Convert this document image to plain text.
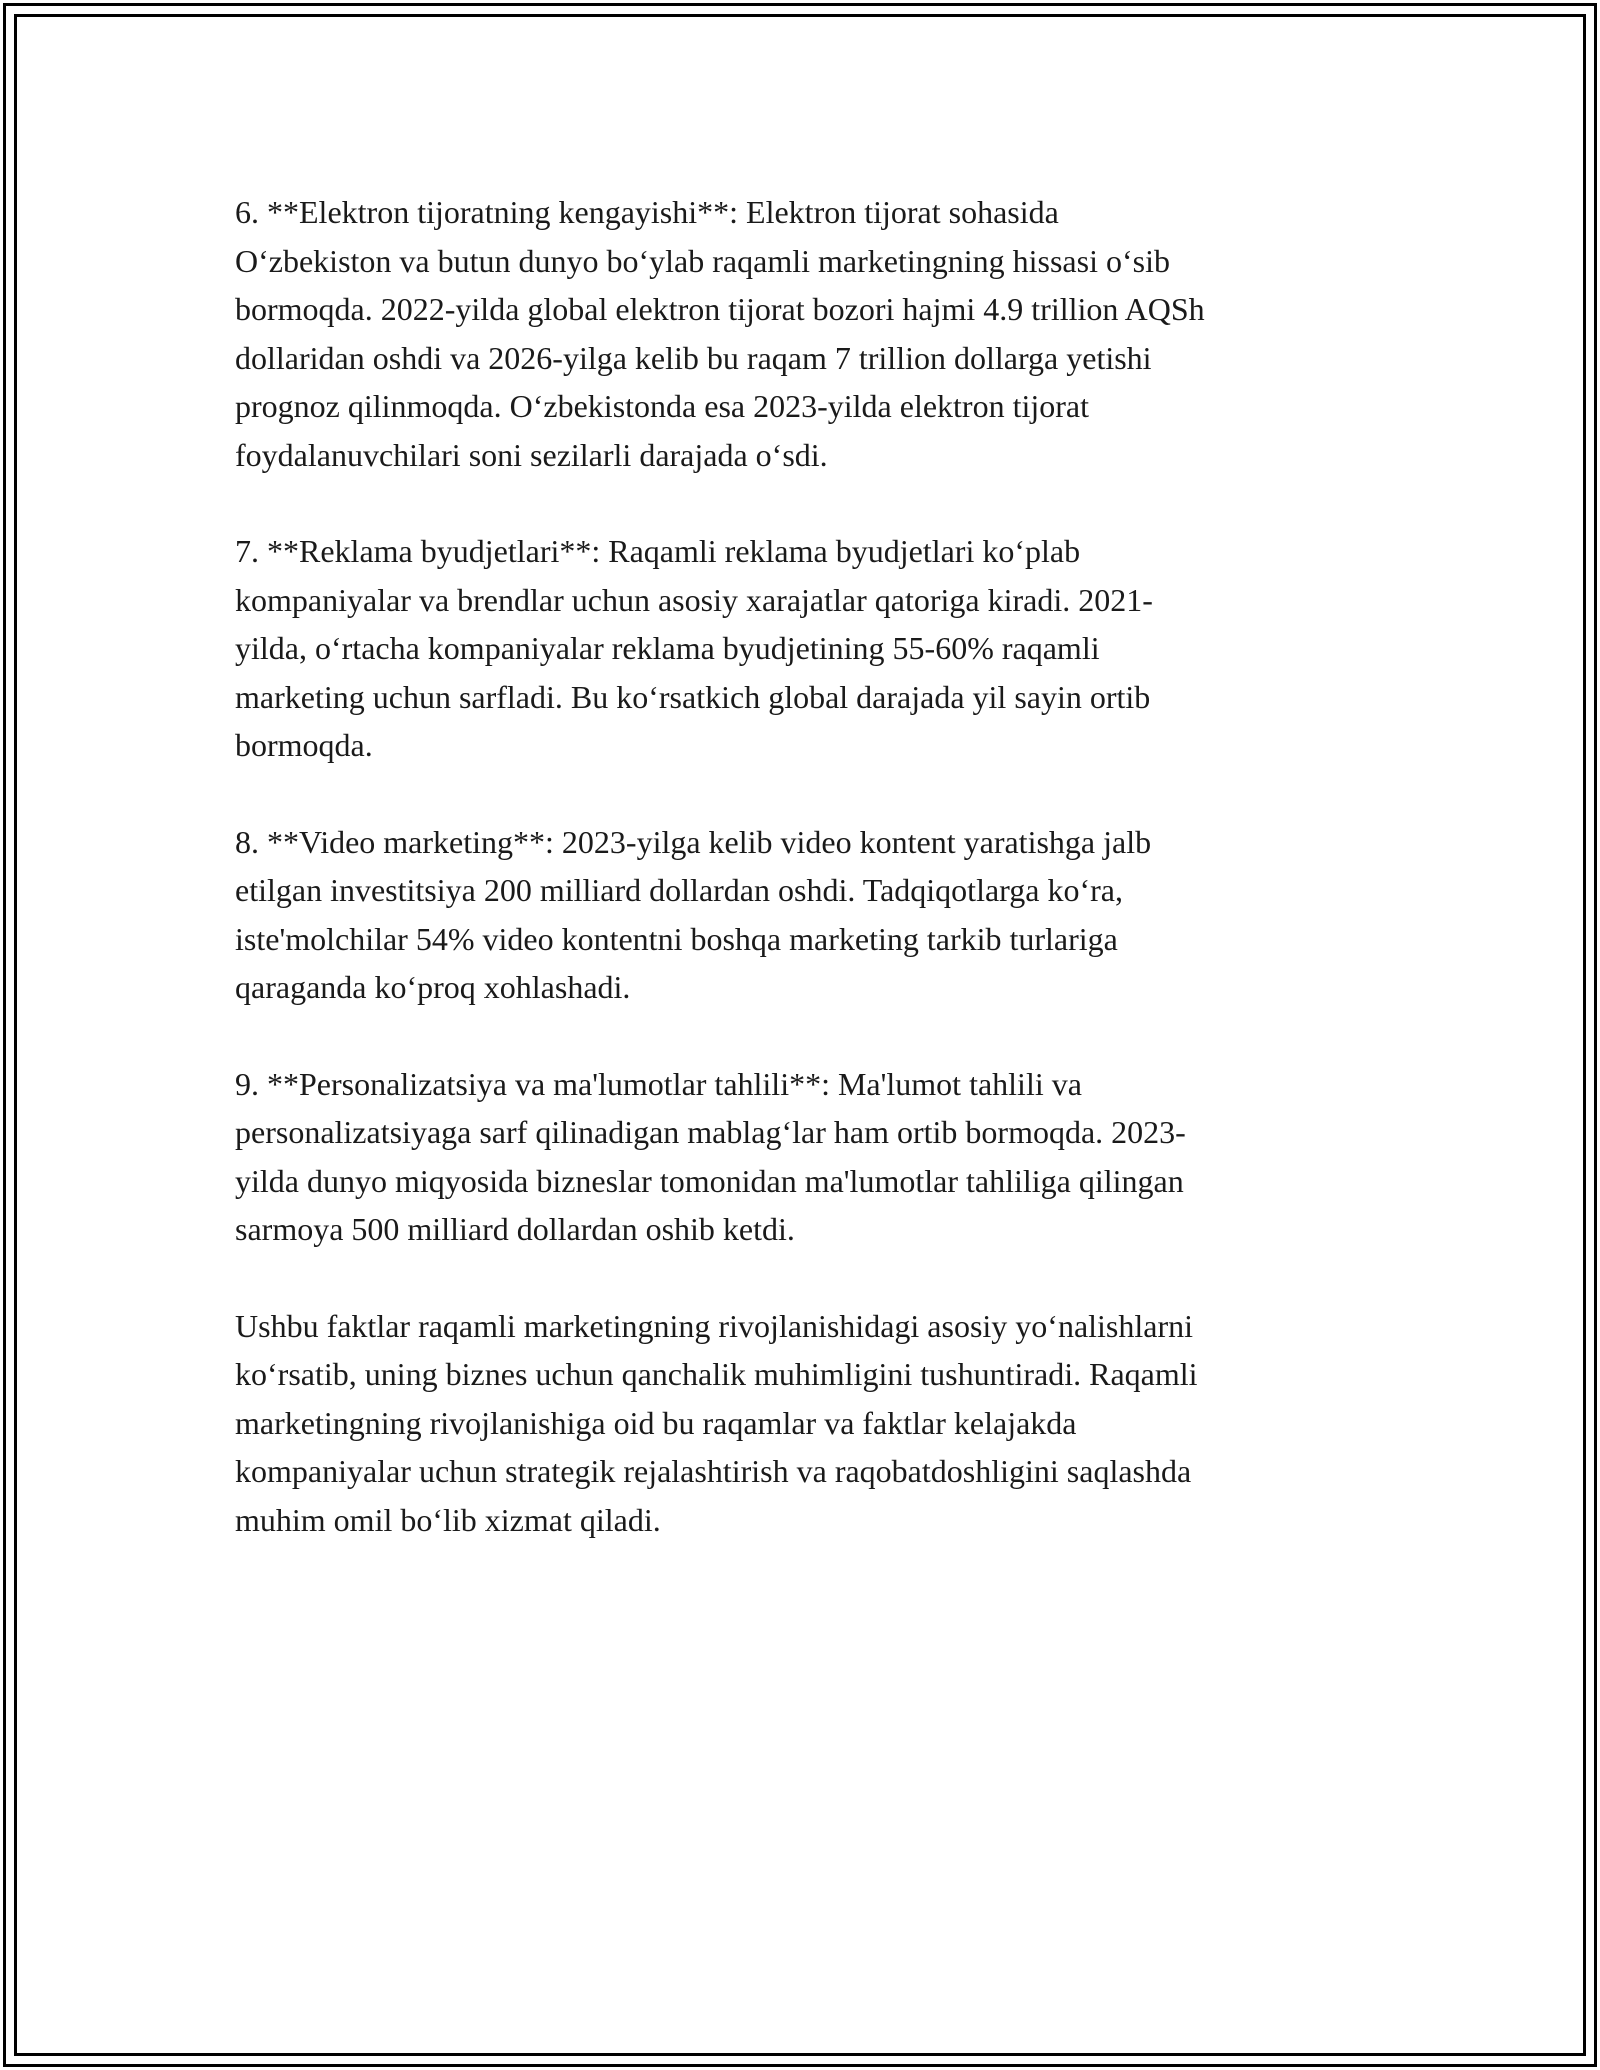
6. **Elektron tijoratning kengayishi**: Elektron tijorat sohasida
O‘zbekiston va butun dunyo bo‘ylab raqamli marketingning hissasi o‘sib
bormoqda. 2022-yilda global elektron tijorat bozori hajmi 4.9 trillion AQSh
dollaridan oshdi va 2026-yilga kelib bu raqam 7 trillion dollarga yetishi
prognoz qilinmoqda. O‘zbekistonda esa 2023-yilda elektron tijorat
foydalanuvchilari soni sezilarli darajada o‘sdi.

7. **Reklama byudjetlari**: Raqamli reklama byudjetlari ko‘plab
kompaniyalar va brendlar uchun asosiy xarajatlar qatoriga kiradi. 2021-
yilda, o‘rtacha kompaniyalar reklama byudjetining 55-60% raqamli
marketing uchun sarfladi. Bu ko‘rsatkich global darajada yil sayin ortib
bormoqda.

8. **Video marketing**: 2023-yilga kelib video kontent yaratishga jalb
etilgan investitsiya 200 milliard dollardan oshdi. Tadqiqotlarga ko‘ra,
iste'molchilar 54% video kontentni boshqa marketing tarkib turlariga
qaraganda ko‘proq xohlashadi.

9. **Personalizatsiya va ma'lumotlar tahlili**: Ma'lumot tahlili va
personalizatsiyaga sarf qilinadigan mablag‘lar ham ortib bormoqda. 2023-
yilda dunyo miqyosida bizneslar tomonidan ma'lumotlar tahliliga qilingan
sarmoya 500 milliard dollardan oshib ketdi.

Ushbu faktlar raqamli marketingning rivojlanishidagi asosiy yo‘nalishlarni
ko‘rsatib, uning biznes uchun qanchalik muhimligini tushuntiradi. Raqamli
marketingning rivojlanishiga oid bu raqamlar va faktlar kelajakda
kompaniyalar uchun strategik rejalashtirish va raqobatdoshligini saqlashda
muhim omil bo‘lib xizmat qiladi.
